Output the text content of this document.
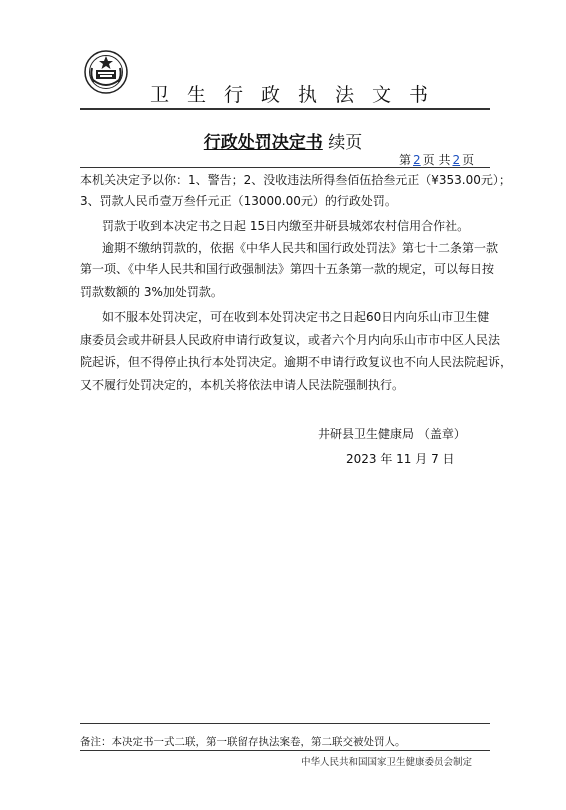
卫生行政执法文书
行政处罚决定书 续页
第 2 页 共 2 页
本机关决定予以你：1、警告；2、没收违法所得叁佰伍拾叁元正（¥353.00元）；
3、罚款人民币壹万叁仟元正（13000.00元）的行政处罚。
罚款于收到本决定书之日起 15日内缴至井研县城郊农村信用合作社。
逾期不缴纳罚款的，依据《中华人民共和国行政处罚法》第七十二条第一款
第一项、《中华人民共和国行政强制法》第四十五条第一款的规定，可以每日按
罚款数额的 3%加处罚款。
如不服本处罚决定，可在收到本处罚决定书之日起60日内向乐山市卫生健
康委员会或井研县人民政府申请行政复议，或者六个月内向乐山市市中区人民法
院起诉，但不得停止执行本处罚决定。逾期不申请行政复议也不向人民法院起诉，
又不履行处罚决定的，本机关将依法申请人民法院强制执行。
井研县卫生健康局 （盖章）
2023 年 11 月 7 日
备注：本决定书一式二联，第一联留存执法案卷，第二联交被处罚人。
中华人民共和国国家卫生健康委员会制定
